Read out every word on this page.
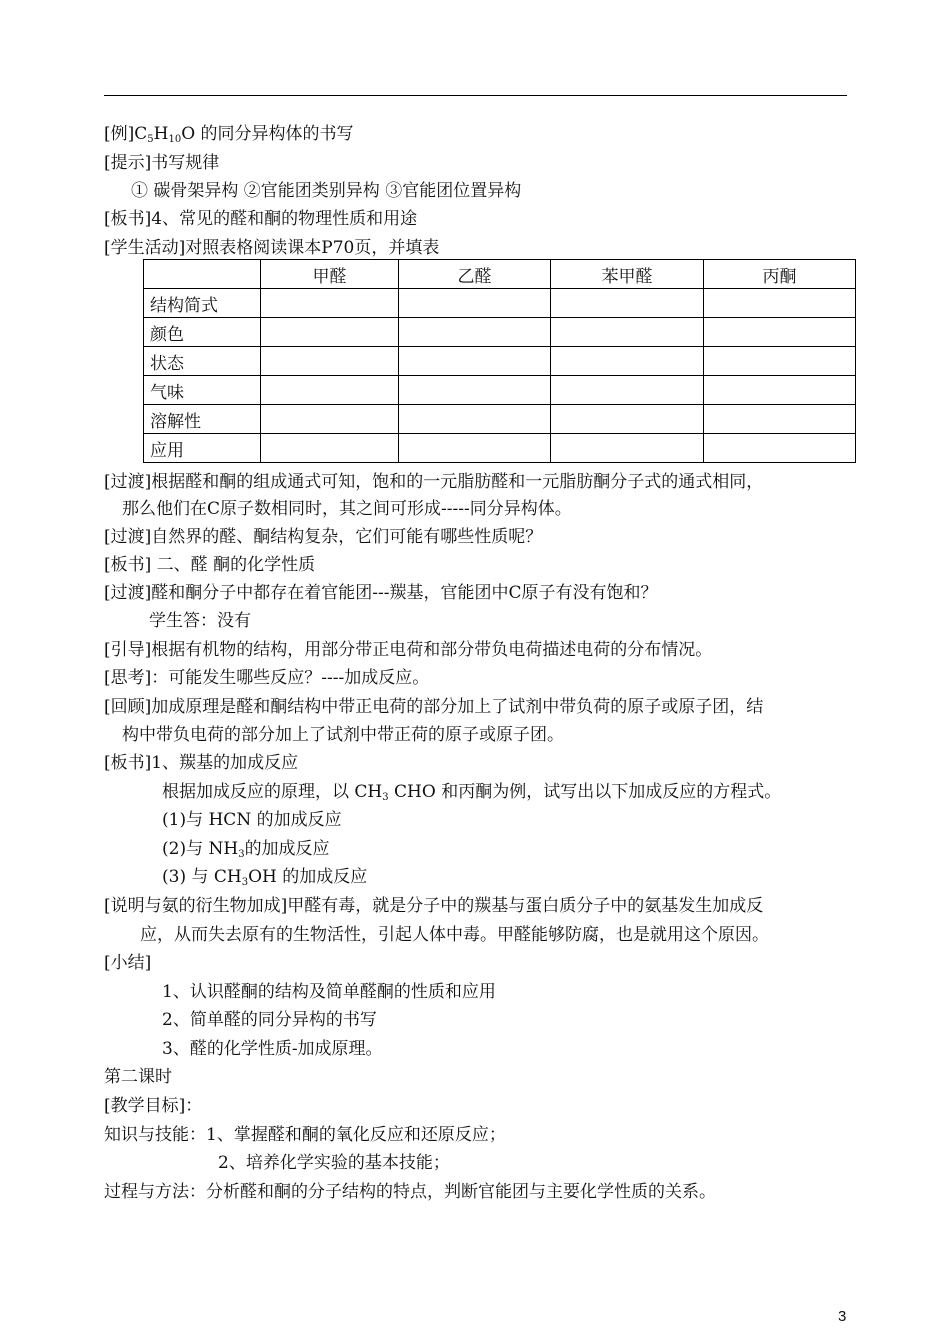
[例]$C_5H_{10}O$ 的同分异构体的书写
[提示]书写规律
① 碳骨架异构 ②官能团类别异构 ③官能团位置异构
[板书]4、常见的醛和酮的物理性质和用途
[学生活动]对照表格阅读课本P70页，并填表
	甲醛	乙醛	苯甲醛	丙酮
结构简式				
颜色				
状态				
气味				
溶解性				
应用				
[过渡]根据醛和酮的组成通式可知，饱和的一元脂肪醛和一元脂肪酮分子式的通式相同，
那么他们在C原子数相同时，其之间可形成-----同分异构体。
[过渡]自然界的醛、酮结构复杂，它们可能有哪些性质呢？
[板书] 二、醛 酮的化学性质
[过渡]醛和酮分子中都存在着官能团---羰基，官能团中C原子有没有饱和？
学生答：没有
[引导]根据有机物的结构，用部分带正电荷和部分带负电荷描述电荷的分布情况。
[思考]：可能发生哪些反应？----加成反应。
[回顾]加成原理是醛和酮结构中带正电荷的部分加上了试剂中带负荷的原子或原子团，结
构中带负电荷的部分加上了试剂中带正荷的原子或原子团。
[板书]1、羰基的加成反应
根据加成反应的原理，以 $CH_3$ CHO 和丙酮为例，试写出以下加成反应的方程式。
(1)与 HCN 的加成反应
(2)与 $NH_3$的加成反应
(3) 与 $CH_3OH$ 的加成反应
[说明与氨的衍生物加成]甲醛有毒，就是分子中的羰基与蛋白质分子中的氨基发生加成反
应，从而失去原有的生物活性，引起人体中毒。甲醛能够防腐，也是就用这个原因。
[小结]
1、认识醛酮的结构及简单醛酮的性质和应用
2、简单醛的同分异构的书写
3、醛的化学性质-加成原理。
第二课时
[教学目标]：
知识与技能：1、掌握醛和酮的氧化反应和还原反应；
2、培养化学实验的基本技能；
过程与方法：分析醛和酮的分子结构的特点，判断官能团与主要化学性质的关系。
3
